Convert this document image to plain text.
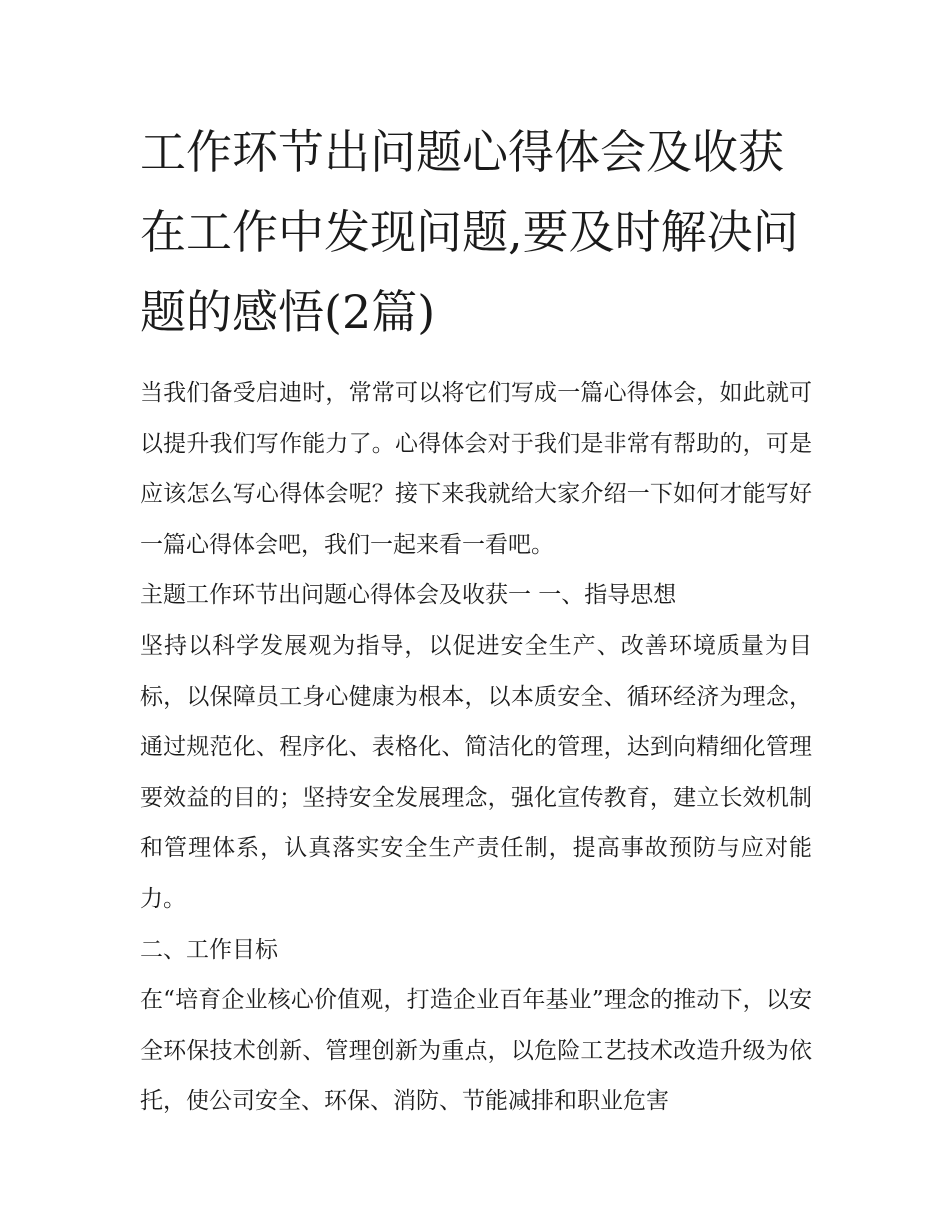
工作环节出问题心得体会及收获 在工作中发现问题,要及时解决问题的感悟(2篇)

当我们备受启迪时，常常可以将它们写成一篇心得体会，如此就可以提升我们写作能力了。心得体会对于我们是非常有帮助的，可是应该怎么写心得体会呢？接下来我就给大家介绍一下如何才能写好一篇心得体会吧，我们一起来看一看吧。

主题工作环节出问题心得体会及收获一 一、指导思想

坚持以科学发展观为指导，以促进安全生产、改善环境质量为目标，以保障员工身心健康为根本，以本质安全、循环经济为理念，通过规范化、程序化、表格化、简洁化的管理，达到向精细化管理要效益的目的；坚持安全发展理念，强化宣传教育，建立长效机制和管理体系，认真落实安全生产责任制，提高事故预防与应对能力。

二、工作目标

在“培育企业核心价值观，打造企业百年基业”理念的推动下，以安全环保技术创新、管理创新为重点，以危险工艺技术改造升级为依托，使公司安全、环保、消防、节能减排和职业危害
